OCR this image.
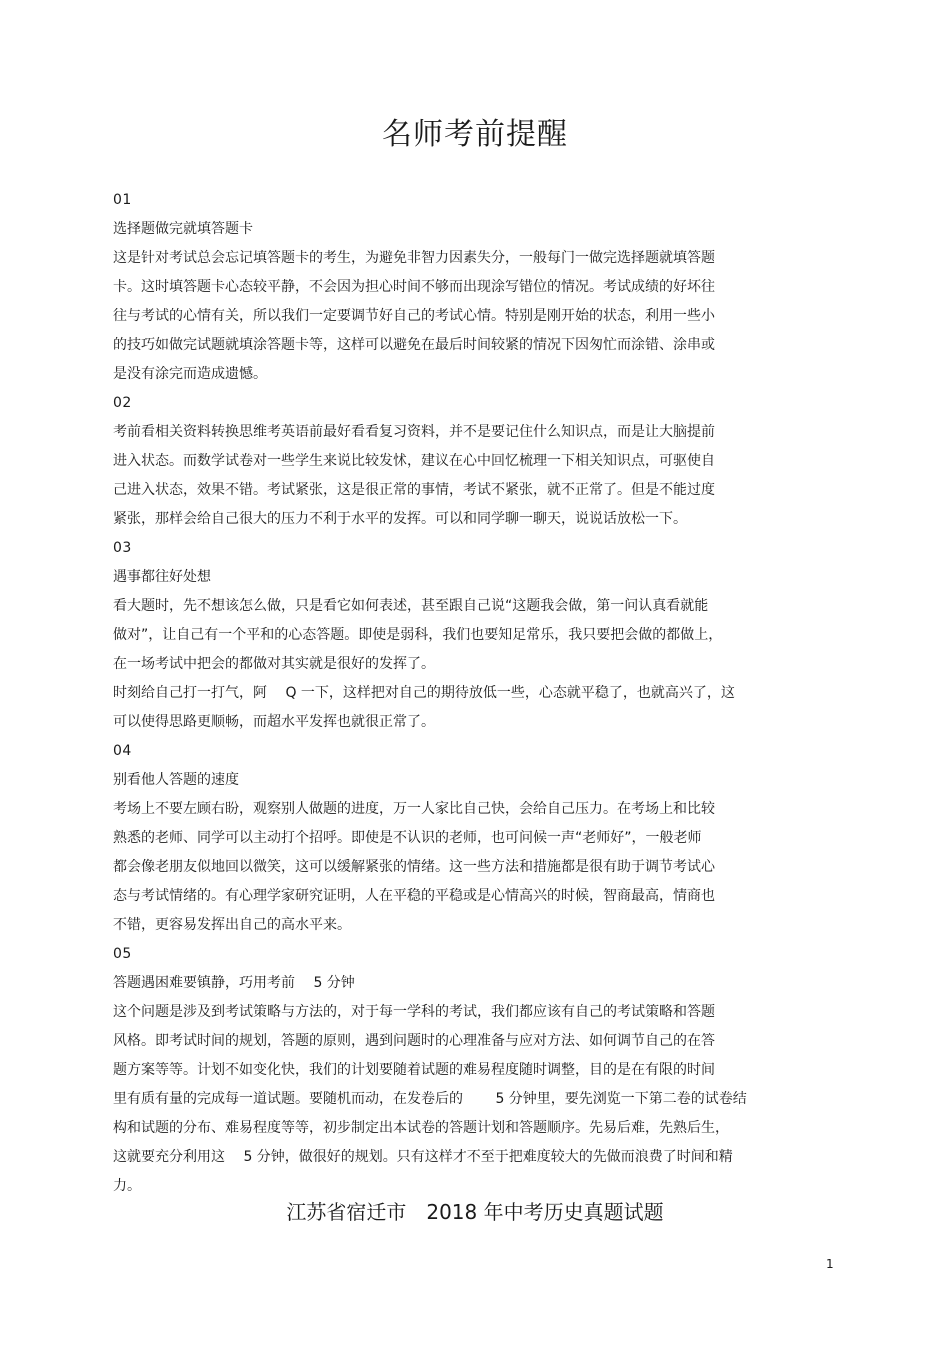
名师考前提醒
01
选择题做完就填答题卡
这是针对考试总会忘记填答题卡的考生，为避免非智力因素失分，一般每门一做完选择题就填答题
卡。这时填答题卡心态较平静，不会因为担心时间不够而出现涂写错位的情况。考试成绩的好坏往
往与考试的心情有关，所以我们一定要调节好自己的考试心情。特别是刚开始的状态，利用一些小
的技巧如做完试题就填涂答题卡等，这样可以避免在最后时间较紧的情况下因匆忙而涂错、涂串或
是没有涂完而造成遗憾。
02
考前看相关资料转换思维考英语前最好看看复习资料，并不是要记住什么知识点，而是让大脑提前
进入状态。而数学试卷对一些学生来说比较发怵，建议在心中回忆梳理一下相关知识点，可驱使自
己进入状态，效果不错。考试紧张，这是很正常的事情，考试不紧张，就不正常了。但是不能过度
紧张，那样会给自己很大的压力不利于水平的发挥。可以和同学聊一聊天，说说话放松一下。
03
遇事都往好处想
看大题时，先不想该怎么做，只是看它如何表述，甚至跟自己说“这题我会做，第一问认真看就能
做对”，让自己有一个平和的心态答题。即使是弱科，我们也要知足常乐，我只要把会做的都做上，
在一场考试中把会的都做对其实就是很好的发挥了。
时刻给自己打一打气，阿　 Q 一下，这样把对自己的期待放低一些，心态就平稳了，也就高兴了，这
可以使得思路更顺畅，而超水平发挥也就很正常了。
04
别看他人答题的速度
考场上不要左顾右盼，观察别人做题的进度，万一人家比自己快，会给自己压力。在考场上和比较
熟悉的老师、同学可以主动打个招呼。即使是不认识的老师，也可问候一声“老师好”，一般老师
都会像老朋友似地回以微笑，这可以缓解紧张的情绪。这一些方法和措施都是很有助于调节考试心
态与考试情绪的。有心理学家研究证明，人在平稳的平稳或是心情高兴的时候，智商最高，情商也
不错，更容易发挥出自己的高水平来。
05
答题遇困难要镇静，巧用考前　 5 分钟
这个问题是涉及到考试策略与方法的，对于每一学科的考试，我们都应该有自己的考试策略和答题
风格。即考试时间的规划，答题的原则，遇到问题时的心理准备与应对方法、如何调节自己的在答
题方案等等。计划不如变化快，我们的计划要随着试题的难易程度随时调整，目的是在有限的时间
里有质有量的完成每一道试题。要随机而动，在发卷后的　　 5 分钟里，要先浏览一下第二卷的试卷结
构和试题的分布、难易程度等等，初步制定出本试卷的答题计划和答题顺序。先易后难，先熟后生，
这就要充分利用这　 5 分钟，做很好的规划。只有这样才不至于把难度较大的先做而浪费了时间和精
力。
江苏省宿迁市　2018 年中考历史真题试题
1
